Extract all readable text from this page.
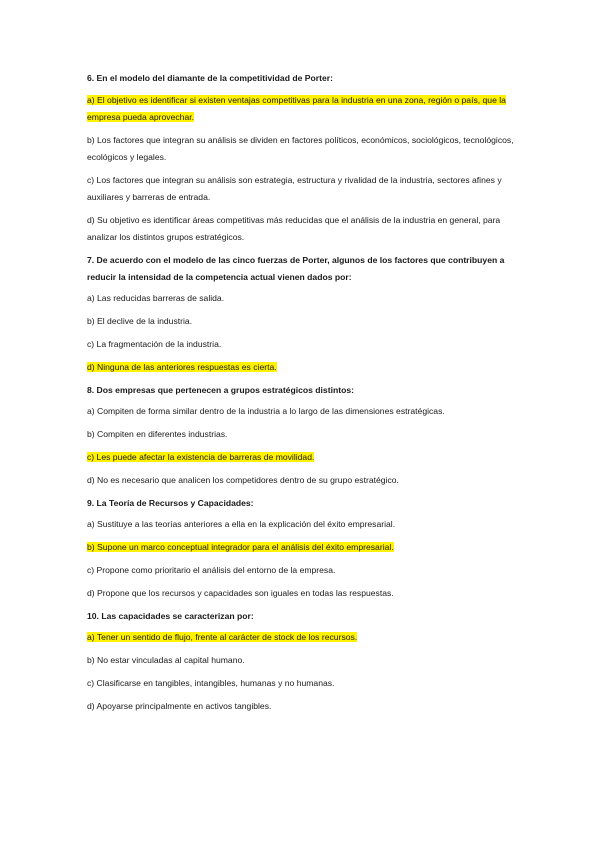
6. En el modelo del diamante de la competitividad de Porter:

a) El objetivo es identificar si existen ventajas competitivas para la industria en una zona, región o país, que la empresa pueda aprovechar.

b) Los factores que integran su análisis se dividen en factores políticos, económicos, sociológicos, tecnológicos, ecológicos y legales.

c) Los factores que integran su análisis son estrategia, estructura y rivalidad de la industria, sectores afines y auxiliares y barreras de entrada.

d) Su objetivo es identificar áreas competitivas más reducidas que el análisis de la industria en general, para analizar los distintos grupos estratégicos.

7. De acuerdo con el modelo de las cinco fuerzas de Porter, algunos de los factores que contribuyen a reducir la intensidad de la competencia actual vienen dados por:

a) Las reducidas barreras de salida.

b) El declive de la industria.

c) La fragmentación de la industria.

d) Ninguna de las anteriores respuestas es cierta.

8. Dos empresas que pertenecen a grupos estratégicos distintos:

a) Compiten de forma similar dentro de la industria a lo largo de las dimensiones estratégicas.

b) Compiten en diferentes industrias.

c) Les puede afectar la existencia de barreras de movilidad.

d) No es necesario que analicen los competidores dentro de su grupo estratégico.

9. La Teoría de Recursos y Capacidades:

a) Sustituye a las teorías anteriores a ella en la explicación del éxito empresarial.

b) Supone un marco conceptual integrador para el análisis del éxito empresarial.

c) Propone como prioritario el análisis del entorno de la empresa.

d) Propone que los recursos y capacidades son iguales en todas las respuestas.

10. Las capacidades se caracterizan por:

a) Tener un sentido de flujo, frente al carácter de stock de los recursos.

b) No estar vinculadas al capital humano.

c) Clasificarse en tangibles, intangibles, humanas y no humanas.

d) Apoyarse principalmente en activos tangibles.
